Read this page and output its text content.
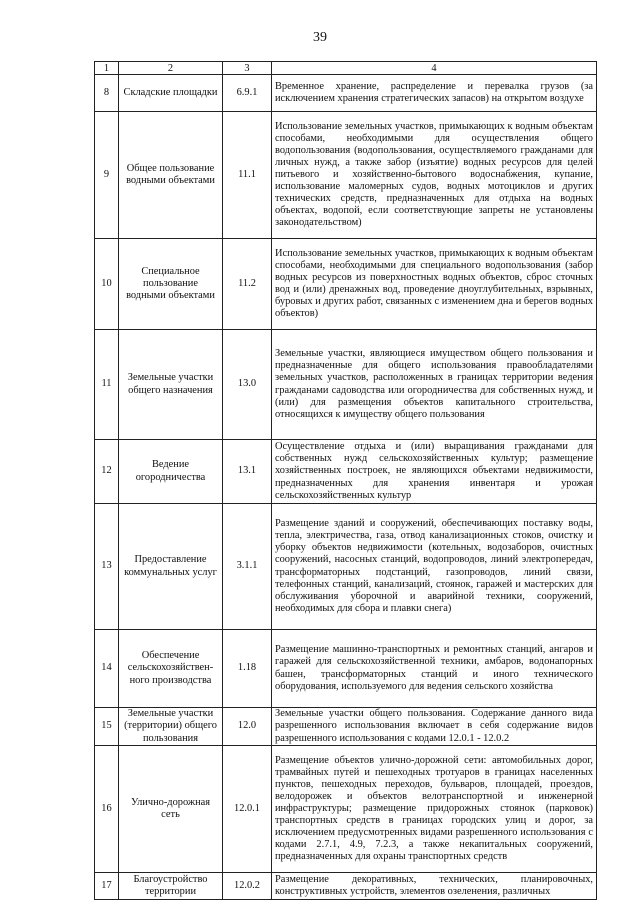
39
1	2	3	4
8	Складские площадки	6.9.1	Временное хранение, распределение и перевалка грузов (за исключением хранения стратегических запасов) на открытом воздухе
9	Общее пользование водными объектами	11.1	Использование земельных участков, примыкающих к водным объектам способами, необходимыми для осуществления общего водопользования (водопользования, осуществляемого гражданами для личных нужд, а также забор (изъятие) водных ресурсов для целей питьевого и хозяйственно-бытового водоснабжения, купание, использование маломерных судов, водных мотоциклов и других технических средств, предназначенных для отдыха на водных объектах, водопой, если соответствующие запреты не установлены законодательством)
10	Специальное пользование водными объектами	11.2	Использование земельных участков, примыкающих к водным объектам способами, необходимыми для специального водопользования (забор водных ресурсов из поверхностных водных объектов, сброс сточных вод и (или) дренажных вод, проведение дноуглубительных, взрывных, буровых и других работ, связанных с изменением дна и берегов водных объектов)
11	Земельные участки общего назначения	13.0	Земельные участки, являющиеся имуществом общего пользования и предназначенные для общего использования правообладателями земельных участков, расположенных в границах территории ведения гражданами садоводства или огородничества для собственных нужд, и (или) для размещения объектов капитального строительства, относящихся к имуществу общего пользования
12	Ведение огородничества	13.1	Осуществление отдыха и (или) выращивания гражданами для собственных нужд сельскохозяйственных культур; размещение хозяйственных построек, не являющихся объектами недвижимости, предназначенных для хранения инвентаря и урожая сельскохозяйственных культур
13	Предоставление коммунальных услуг	3.1.1	Размещение зданий и сооружений, обеспечивающих поставку воды, тепла, электричества, газа, отвод канализационных стоков, очистку и уборку объектов недвижимости (котельных, водозаборов, очистных сооружений, насосных станций, водопроводов, линий электропередач, трансформаторных подстанций, газопроводов, линий связи, телефонных станций, канализаций, стоянок, гаражей и мастерских для обслуживания уборочной и аварийной техники, сооружений, необходимых для сбора и плавки снега)
14	Обеспечение сельскохозяйствен-ного производства	1.18	Размещение машинно-транспортных и ремонтных станций, ангаров и гаражей для сельскохозяйственной техники, амбаров, водонапорных башен, трансформаторных станций и иного технического оборудования, используемого для ведения сельского хозяйства
15	Земельные участки (территории) общего пользования	12.0	Земельные участки общего пользования. Содержание данного вида разрешенного использования включает в себя содержание видов разрешенного использования с кодами 12.0.1 - 12.0.2
16	Улично-дорожная сеть	12.0.1	Размещение объектов улично-дорожной сети: автомобильных дорог, трамвайных путей и пешеходных тротуаров в границах населенных пунктов, пешеходных переходов, бульваров, площадей, проездов, велодорожек и объектов велотранспортной и инженерной инфраструктуры; размещение придорожных стоянок (парковок) транспортных средств в границах городских улиц и дорог, за исключением предусмотренных видами разрешенного использования с кодами 2.7.1, 4.9, 7.2.3, а также некапитальных сооружений, предназначенных для охраны транспортных средств
17	Благоустройство территории	12.0.2	Размещение декоративных, технических, планировочных, конструктивных устройств, элементов озеленения, различных
